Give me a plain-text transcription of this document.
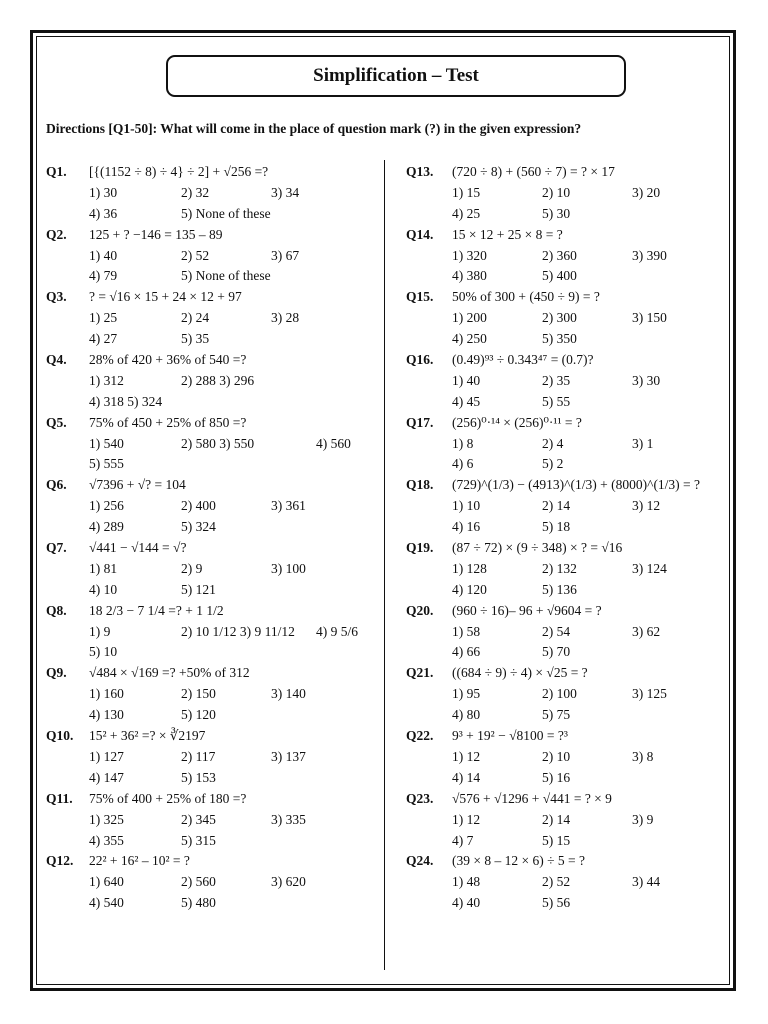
Simplification – Test
Directions [Q1-50]: What will come in the place of question mark (?) in the given expression?
Q1. [{(1152 ÷ 8) ÷ 4} ÷ 2] + √256 =?
1) 30	2) 32	3) 34
4) 36	5) None of these
Q2. 125 + ? −146 = 135 – 89
1) 40	2) 52	3) 67
4) 79	5) None of these
Q3. ? = √16 × 15 + 24 × 12 + 97
1) 25	2) 24	3) 28
4) 27	5) 35
Q4. 28% of 420 + 36% of 540 =?
1) 312	2) 288 3) 296
4) 318 5) 324
Q5. 75% of 450 + 25% of 850 =?
1) 540	2) 580 3) 550	4) 560
5) 555
Q6. √7396 + √? = 104
1) 256	2) 400	3) 361
4) 289	5) 324
Q7. √441 − √144 = √?
1) 81	2) 9	3) 100
4) 10	5) 121
Q8. 18 2/3 − 7 1/4 =? + 1 1/2
1) 9	2) 10 1/12 3) 9 11/12 4) 9 5/6
5) 10
Q9. √484 × √169 =? +50% of 312
1) 160	2) 150	3) 140
4) 130	5) 120
Q10. 15² + 36² =? × ∛2197
1) 127	2) 117	3) 137
4) 147	5) 153
Q11. 75% of 400 + 25% of 180 =?
1) 325	2) 345	3) 335
4) 355	5) 315
Q12. 22² + 16² – 10² = ?
1) 640	2) 560	3) 620
4) 540	5) 480
Q13. (720 ÷ 8) + (560 ÷ 7) = ? × 17
1) 15	2) 10	3) 20
4) 25	5) 30
Q14. 15 × 12 + 25 × 8 = ?
1) 320	2) 360	3) 390
4) 380	5) 400
Q15. 50% of 300 + (450 ÷ 9) = ?
1) 200	2) 300	3) 150
4) 250	5) 350
Q16. (0.49)⁹³ ÷ 0.343⁴⁷ = (0.7)?
1) 40	2) 35	3) 30
4) 45	5) 55
Q17. (256)⁰·¹⁴ × (256)⁰·¹¹ = ?
1) 8	2) 4	3) 1
4) 6	5) 2
Q18. (729)^(1/3) − (4913)^(1/3) + (8000)^(1/3) = ?
1) 10	2) 14	3) 12
4) 16	5) 18
Q19. (87 ÷ 72) × (9 ÷ 348) × ? = √16
1) 128	2) 132	3) 124
4) 120	5) 136
Q20. (960 ÷ 16)– 96 + √9604 = ?
1) 58	2) 54	3) 62
4) 66	5) 70
Q21. ((684 ÷ 9) ÷ 4) × √25 = ?
1) 95	2) 100	3) 125
4) 80	5) 75
Q22. 9³ + 19² − √8100 = ?³
1) 12	2) 10	3) 8
4) 14	5) 16
Q23. √576 + √1296 + √441 = ? × 9
1) 12	2) 14	3) 9
4) 7	5) 15
Q24. (39 × 8 – 12 × 6) ÷ 5 = ?
1) 48	2) 52	3) 44
4) 40	5) 56
